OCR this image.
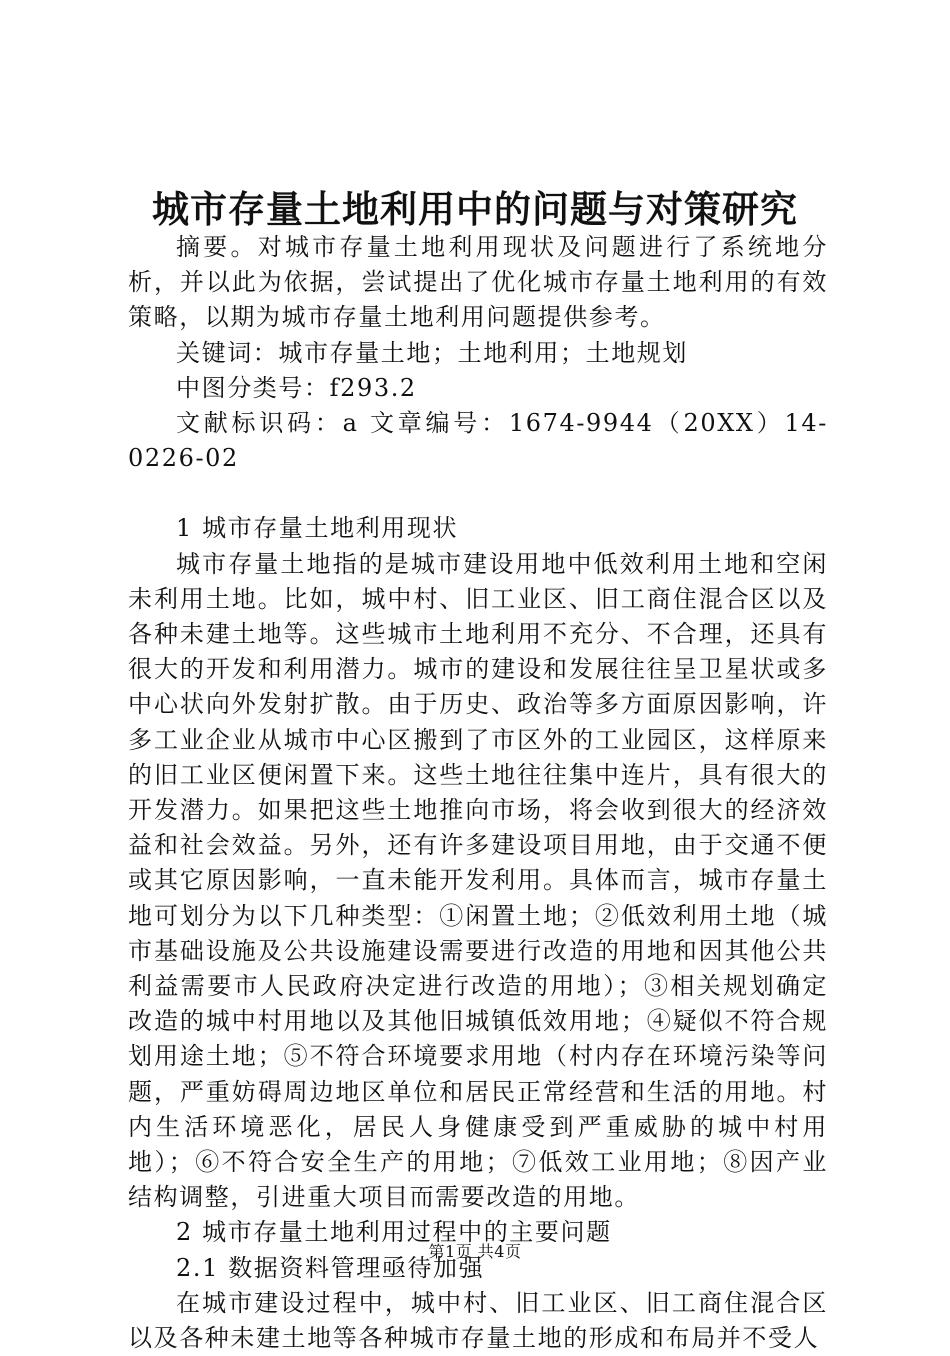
城市存量土地利用中的问题与对策研究

摘要。对城市存量土地利用现状及问题进行了系统地分析，并以此为依据，尝试提出了优化城市存量土地利用的有效策略，以期为城市存量土地利用问题提供参考。

关键词：城市存量土地；土地利用；土地规划

中图分类号：f293.2

文献标识码：a 文章编号：1674-9944（20XX）14-0226-02

1 城市存量土地利用现状

城市存量土地指的是城市建设用地中低效利用土地和空闲未利用土地。比如，城中村、旧工业区、旧工商住混合区以及各种未建土地等。这些城市土地利用不充分、不合理，还具有很大的开发和利用潜力。城市的建设和发展往往呈卫星状或多中心状向外发射扩散。由于历史、政治等多方面原因影响，许多工业企业从城市中心区搬到了市区外的工业园区，这样原来的旧工业区便闲置下来。这些土地往往集中连片，具有很大的开发潜力。如果把这些土地推向市场，将会收到很大的经济效益和社会效益。另外，还有许多建设项目用地，由于交通不便或其它原因影响，一直未能开发利用。具体而言，城市存量土地可划分为以下几种类型：①闲置土地；②低效利用土地（城市基础设施及公共设施建设需要进行改造的用地和因其他公共利益需要市人民政府决定进行改造的用地）；③相关规划确定改造的城中村用地以及其他旧城镇低效用地；④疑似不符合规划用途土地；⑤不符合环境要求用地（村内存在环境污染等问题，严重妨碍周边地区单位和居民正常经营和生活的用地。村内生活环境恶化，居民人身健康受到严重威胁的城中村用地）；⑥不符合安全生产的用地；⑦低效工业用地；⑧因产业结构调整，引进重大项目而需要改造的用地。

2 城市存量土地利用过程中的主要问题

2.1 数据资料管理亟待加强

在城市建设过程中，城中村、旧工业区、旧工商住混合区以及各种未建土地等各种城市存量土地的形成和布局并不受人

第1页 共4页
